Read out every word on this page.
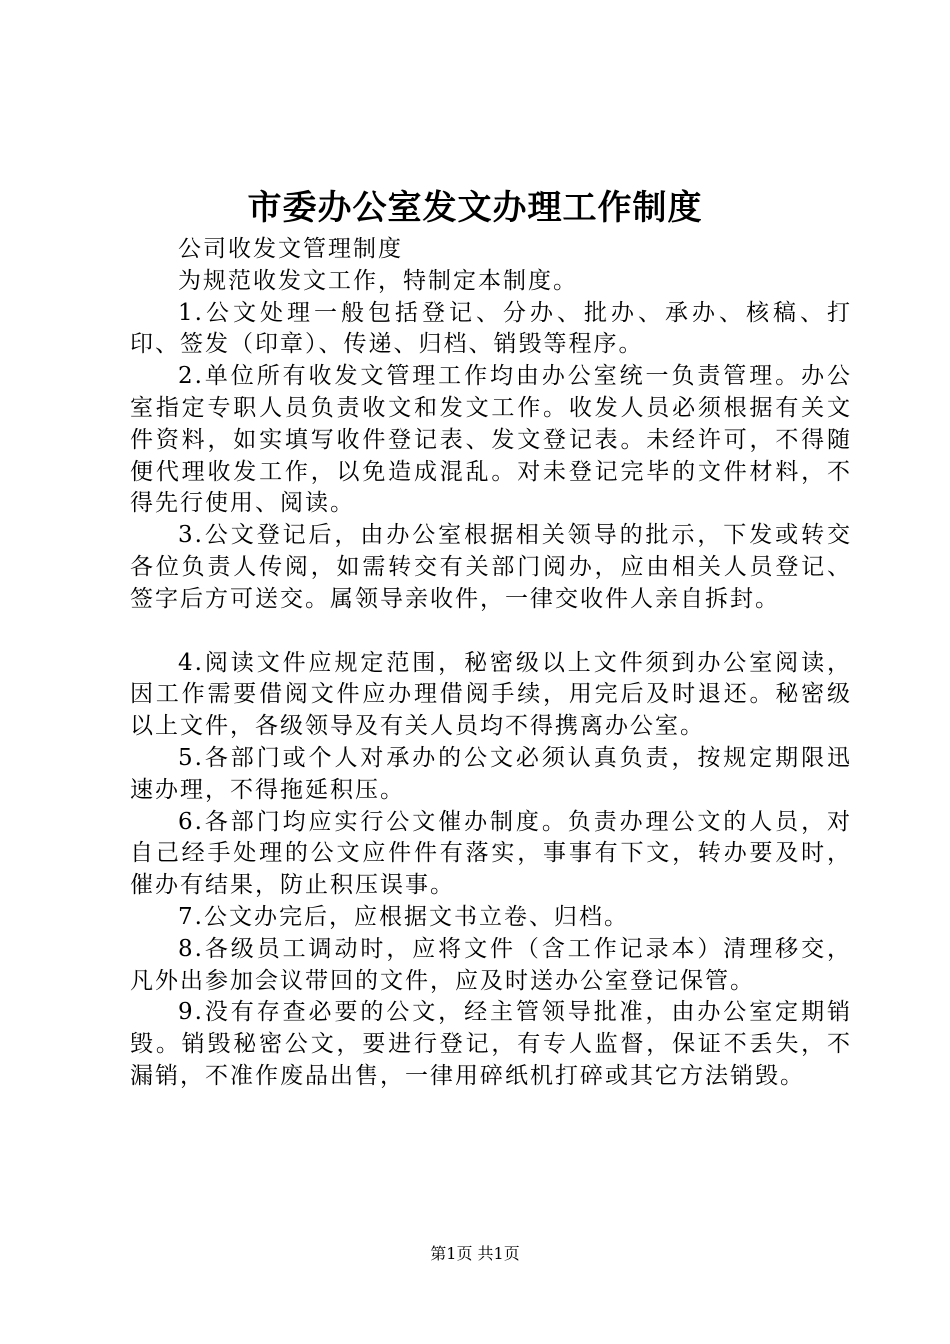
市委办公室发文办理工作制度

公司收发文管理制度

为规范收发文工作，特制定本制度。

1.公文处理一般包括登记、分办、批办、承办、核稿、打印、签发（印章）、传递、归档、销毁等程序。

2.单位所有收发文管理工作均由办公室统一负责管理。办公室指定专职人员负责收文和发文工作。收发人员必须根据有关文件资料，如实填写收件登记表、发文登记表。未经许可，不得随便代理收发工作，以免造成混乱。对未登记完毕的文件材料，不得先行使用、阅读。

3.公文登记后，由办公室根据相关领导的批示，下发或转交各位负责人传阅，如需转交有关部门阅办，应由相关人员登记、签字后方可送交。属领导亲收件，一律交收件人亲自拆封。

4.阅读文件应规定范围，秘密级以上文件须到办公室阅读，因工作需要借阅文件应办理借阅手续，用完后及时退还。秘密级以上文件，各级领导及有关人员均不得携离办公室。

5.各部门或个人对承办的公文必须认真负责，按规定期限迅速办理，不得拖延积压。

6.各部门均应实行公文催办制度。负责办理公文的人员，对自己经手处理的公文应件件有落实，事事有下文，转办要及时，催办有结果，防止积压误事。

7.公文办完后，应根据文书立卷、归档。

8.各级员工调动时，应将文件（含工作记录本）清理移交，凡外出参加会议带回的文件，应及时送办公室登记保管。

9.没有存查必要的公文，经主管领导批准，由办公室定期销毁。销毁秘密公文，要进行登记，有专人监督，保证不丢失，不漏销，不准作废品出售，一律用碎纸机打碎或其它方法销毁。

第1页 共1页
